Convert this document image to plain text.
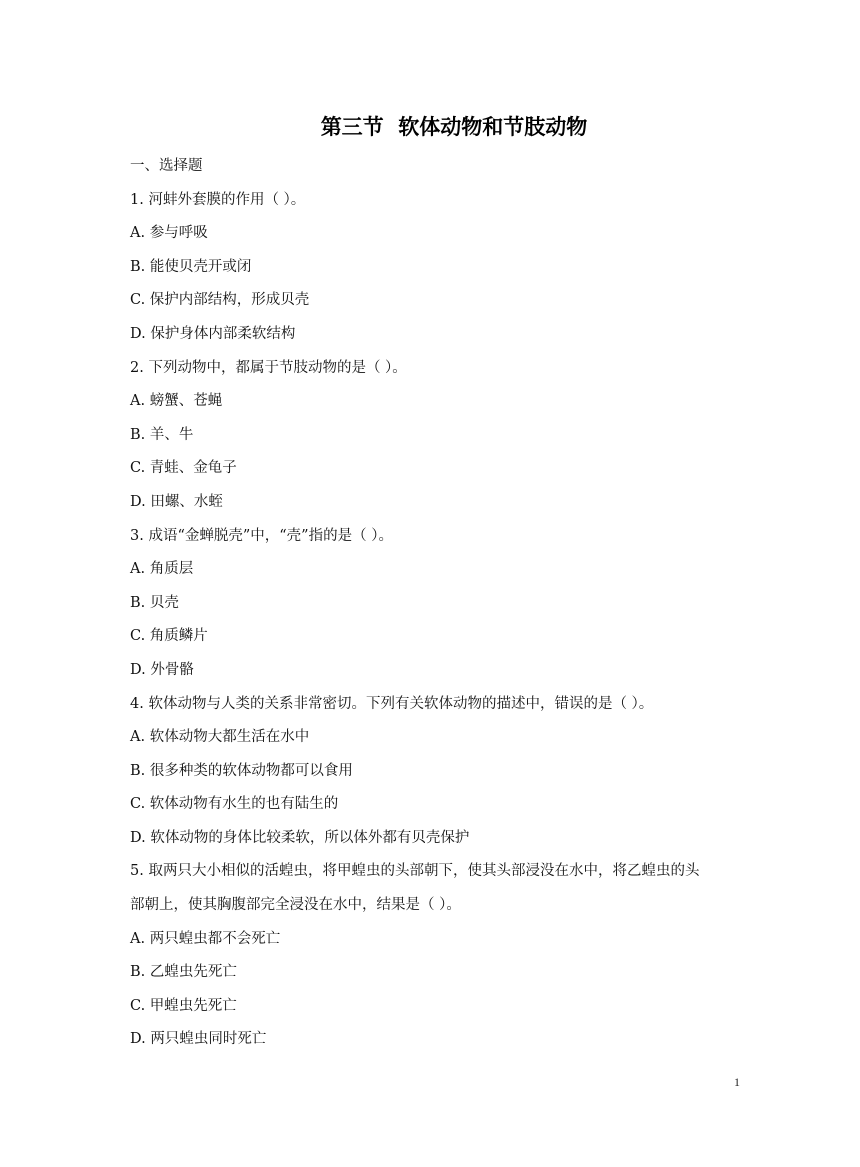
第三节  软体动物和节肢动物
一、选择题
1. 河蚌外套膜的作用（ ）。
A. 参与呼吸
B. 能使贝壳开或闭
C. 保护内部结构，形成贝壳
D. 保护身体内部柔软结构
2. 下列动物中，都属于节肢动物的是（ ）。
A. 螃蟹、苍蝇
B. 羊、牛
C. 青蛙、金龟子
D. 田螺、水蛭
3. 成语“金蝉脱壳”中，“壳”指的是（ ）。
A. 角质层
B. 贝壳
C. 角质鳞片
D. 外骨骼
4. 软体动物与人类的关系非常密切。下列有关软体动物的描述中，错误的是（ ）。
A. 软体动物大都生活在水中
B. 很多种类的软体动物都可以食用
C. 软体动物有水生的也有陆生的
D. 软体动物的身体比较柔软，所以体外都有贝壳保护
5. 取两只大小相似的活蝗虫，将甲蝗虫的头部朝下，使其头部浸没在水中，将乙蝗虫的头
部朝上，使其胸腹部完全浸没在水中，结果是（ ）。
A. 两只蝗虫都不会死亡
B. 乙蝗虫先死亡
C. 甲蝗虫先死亡
D. 两只蝗虫同时死亡
1
